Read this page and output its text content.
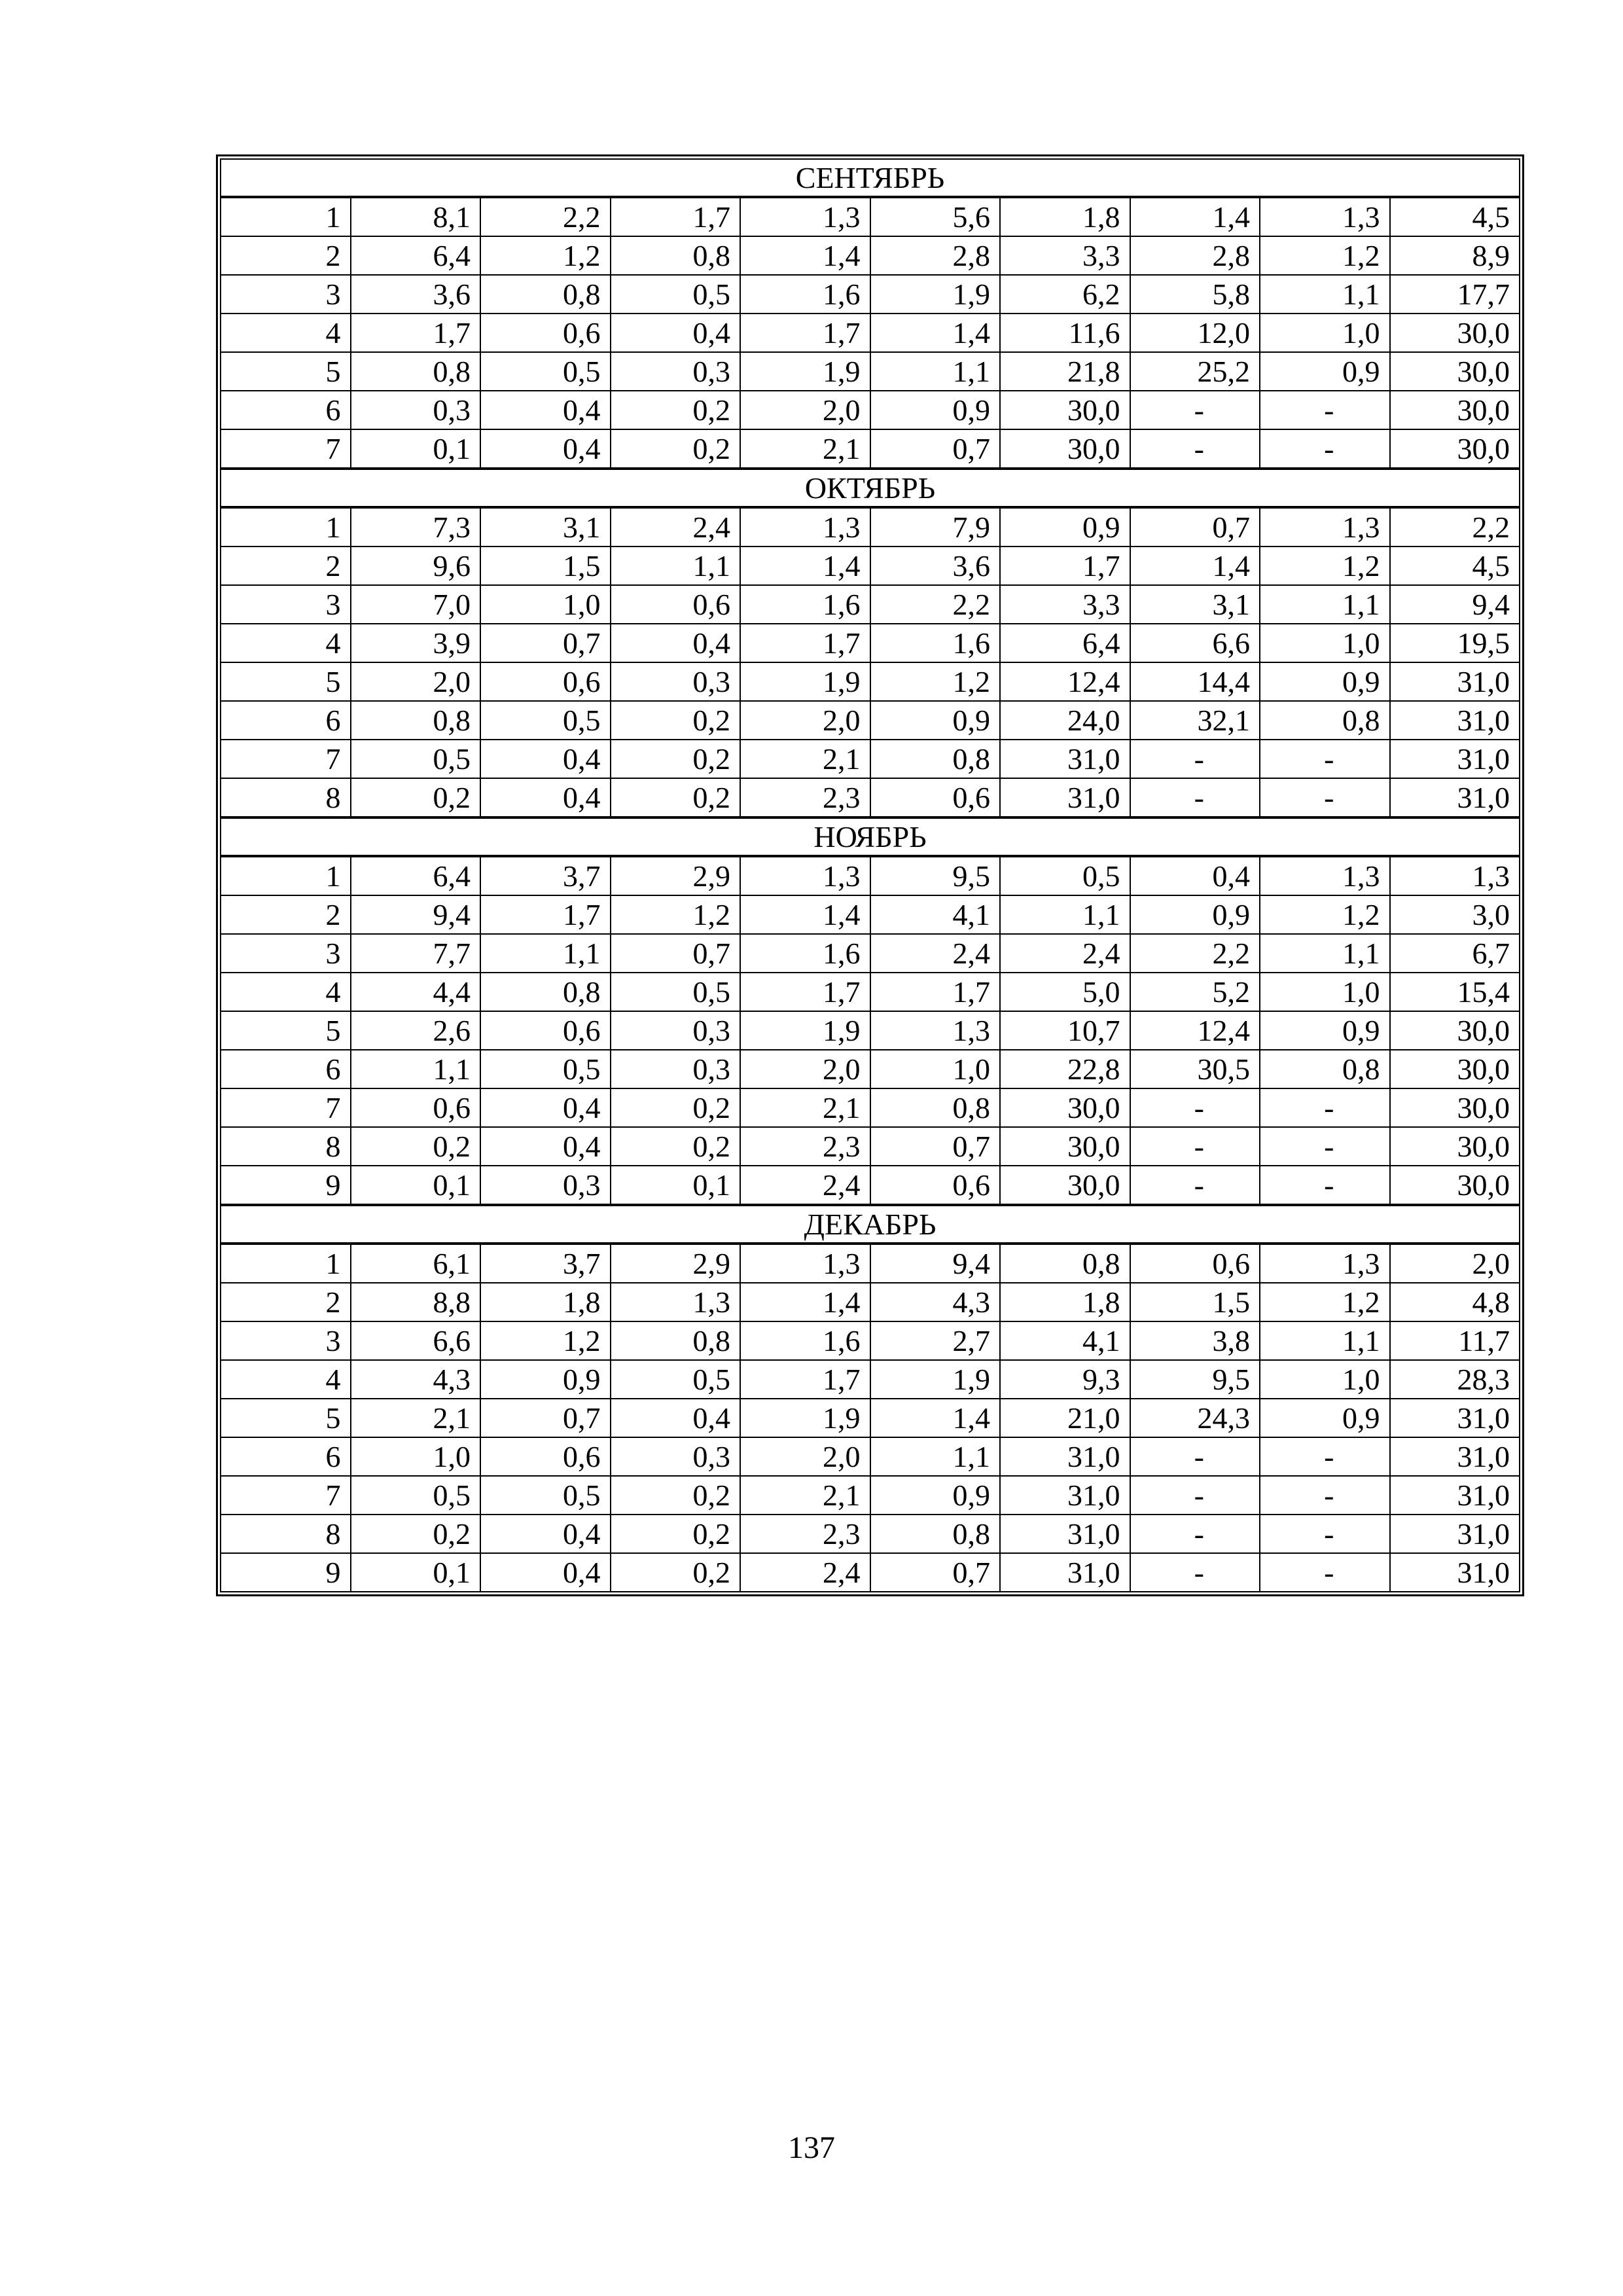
СЕНТЯБРЬ									
1	8,1	2,2	1,7	1,3	5,6	1,8	1,4	1,3	4,5
2	6,4	1,2	0,8	1,4	2,8	3,3	2,8	1,2	8,9
3	3,6	0,8	0,5	1,6	1,9	6,2	5,8	1,1	17,7
4	1,7	0,6	0,4	1,7	1,4	11,6	12,0	1,0	30,0
5	0,8	0,5	0,3	1,9	1,1	21,8	25,2	0,9	30,0
6	0,3	0,4	0,2	2,0	0,9	30,0	-	-	30,0
7	0,1	0,4	0,2	2,1	0,7	30,0	-	-	30,0
ОКТЯБРЬ									
1	7,3	3,1	2,4	1,3	7,9	0,9	0,7	1,3	2,2
2	9,6	1,5	1,1	1,4	3,6	1,7	1,4	1,2	4,5
3	7,0	1,0	0,6	1,6	2,2	3,3	3,1	1,1	9,4
4	3,9	0,7	0,4	1,7	1,6	6,4	6,6	1,0	19,5
5	2,0	0,6	0,3	1,9	1,2	12,4	14,4	0,9	31,0
6	0,8	0,5	0,2	2,0	0,9	24,0	32,1	0,8	31,0
7	0,5	0,4	0,2	2,1	0,8	31,0	-	-	31,0
8	0,2	0,4	0,2	2,3	0,6	31,0	-	-	31,0
НОЯБРЬ									
1	6,4	3,7	2,9	1,3	9,5	0,5	0,4	1,3	1,3
2	9,4	1,7	1,2	1,4	4,1	1,1	0,9	1,2	3,0
3	7,7	1,1	0,7	1,6	2,4	2,4	2,2	1,1	6,7
4	4,4	0,8	0,5	1,7	1,7	5,0	5,2	1,0	15,4
5	2,6	0,6	0,3	1,9	1,3	10,7	12,4	0,9	30,0
6	1,1	0,5	0,3	2,0	1,0	22,8	30,5	0,8	30,0
7	0,6	0,4	0,2	2,1	0,8	30,0	-	-	30,0
8	0,2	0,4	0,2	2,3	0,7	30,0	-	-	30,0
9	0,1	0,3	0,1	2,4	0,6	30,0	-	-	30,0
ДЕКАБРЬ									
1	6,1	3,7	2,9	1,3	9,4	0,8	0,6	1,3	2,0
2	8,8	1,8	1,3	1,4	4,3	1,8	1,5	1,2	4,8
3	6,6	1,2	0,8	1,6	2,7	4,1	3,8	1,1	11,7
4	4,3	0,9	0,5	1,7	1,9	9,3	9,5	1,0	28,3
5	2,1	0,7	0,4	1,9	1,4	21,0	24,3	0,9	31,0
6	1,0	0,6	0,3	2,0	1,1	31,0	-	-	31,0
7	0,5	0,5	0,2	2,1	0,9	31,0	-	-	31,0
8	0,2	0,4	0,2	2,3	0,8	31,0	-	-	31,0
9	0,1	0,4	0,2	2,4	0,7	31,0	-	-	31,0
137
